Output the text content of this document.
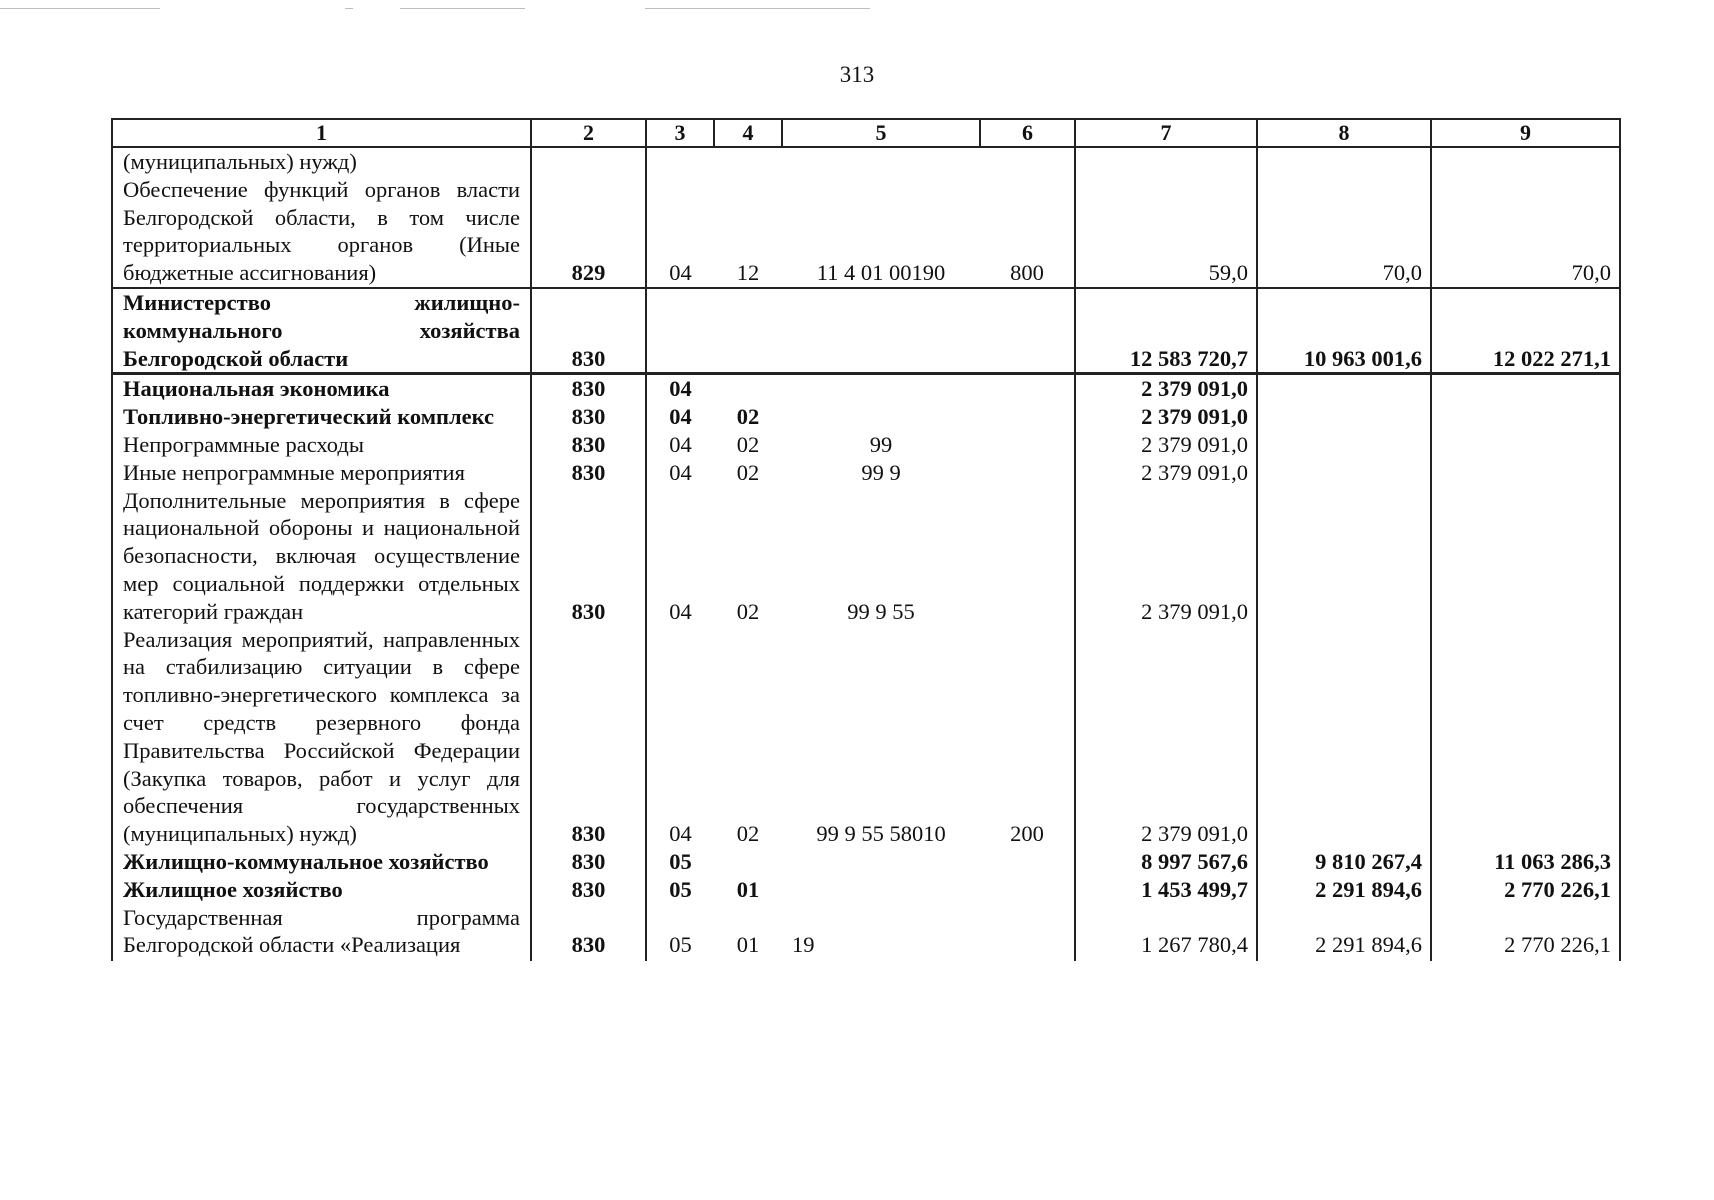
313
1	2	3	4	5	6	7	8	9
(муниципальных) нужд)
Обеспечение функций органов власти Белгородской области, в том числе территориальных органов (Иные бюджетные ассигнования)	829	04	12	11 4 01 00190	800	59,0	70,0	70,0
Министерство жилищно-коммунального хозяйства Белгородской области	830					12 583 720,7	10 963 001,6	12 022 271,1
Национальная экономика	830	04				2 379 091,0		
Топливно-энергетический комплекс	830	04	02			2 379 091,0		
Непрограммные расходы	830	04	02	99		2 379 091,0		
Иные непрограммные мероприятия	830	04	02	99 9		2 379 091,0		
Дополнительные мероприятия в сфере национальной обороны и национальной безопасности, включая осуществление мер социальной поддержки отдельных категорий граждан	830	04	02	99 9 55		2 379 091,0		
Реализация мероприятий, направленных на стабилизацию ситуации в сфере топливно-энергетического комплекса за счет средств резервного фонда Правительства Российской Федерации (Закупка товаров, работ и услуг для обеспечения государственных (муниципальных) нужд)	830	04	02	99 9 55 58010	200	2 379 091,0		
Жилищно-коммунальное хозяйство	830	05				8 997 567,6	9 810 267,4	11 063 286,3
Жилищное хозяйство	830	05	01			1 453 499,7	2 291 894,6	2 770 226,1
Государственная программа Белгородской области «Реализация	830	05	01	19		1 267 780,4	2 291 894,6	2 770 226,1
